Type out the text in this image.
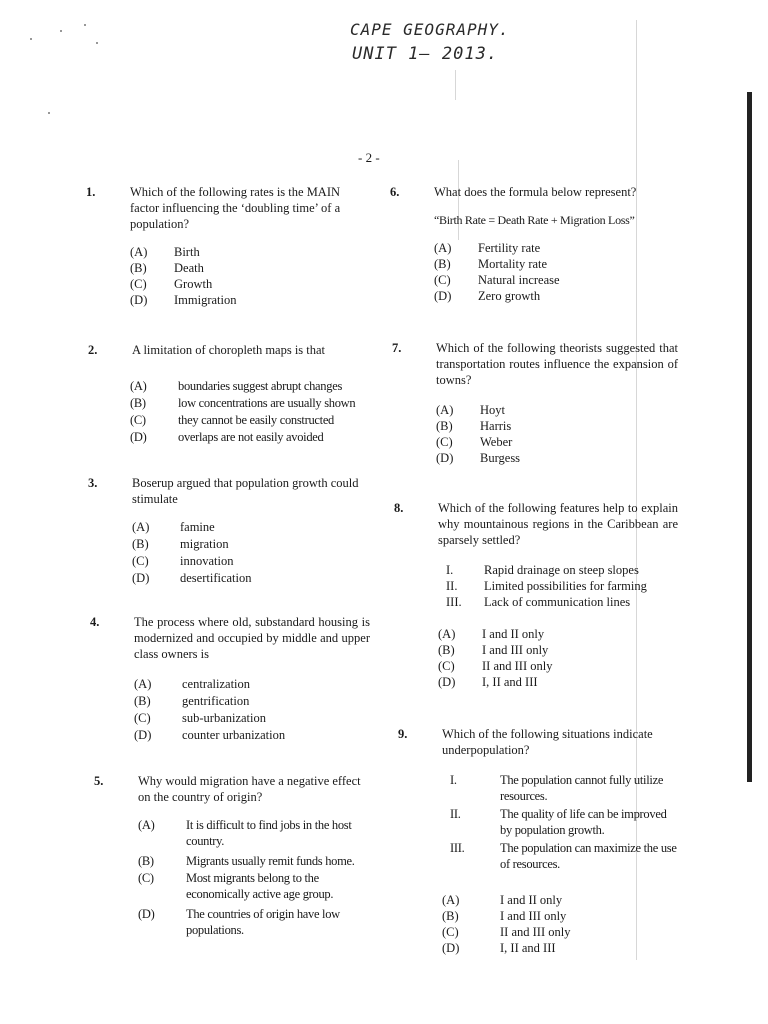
CAPE GEOGRAPHY.
UNIT 1– 2013.
- 2 -
1.	Which of the following rates is the MAIN factor influencing the ‘doubling time’ of a population?
(A) Birth
(B) Death
(C) Growth
(D) Immigration
2.	A limitation of choropleth maps is that
(A)	boundaries suggest abrupt changes
(B)	low concentrations are usually shown
(C)	they cannot be easily constructed
(D)	overlaps are not easily avoided
3.	Boserup argued that population growth could stimulate
(A) famine
(B)	migration
(C)	innovation
(D) desertification
4.	The process where old, substandard housing is modernized and occupied by middle and upper class owners is
(A) centralization
(B)	gentrification
(C)	sub-urbanization
(D) counter urbanization
5.	Why would migration have a negative effect on the country of origin?
(A)	It is difficult to find jobs in the host country.
(B)	Migrants usually remit funds home.
(C)	Most migrants belong to the economically active age group.
(D)	The countries of origin have low populations.
6.	What does the formula below represent?
“Birth Rate = Death Rate + Migration Loss”
(A) Fertility rate
(B) Mortality rate
(C) Natural increase
(D) Zero growth
7.	Which of the following theorists suggested that transportation routes influence the expansion of towns?
(A) Hoyt
(B) Harris
(C) Weber
(D) Burgess
8.	Which of the following features help to explain why mountainous regions in the Caribbean are sparsely settled?
I. Rapid drainage on steep slopes
II. Limited possibilities for farming
III. Lack of communication lines
(A) I and II only
(B) I and III only
(C) II and III only
(D) I, II and III
9.	Which of the following situations indicate underpopulation?
I.	The population cannot fully utilize resources.
II.	The quality of life can be improved by population growth.
III.	The population can maximize the use of resources.
(A)	I and II only
(B)	I and III only
(C)	II and III only
(D)	I, II and III
